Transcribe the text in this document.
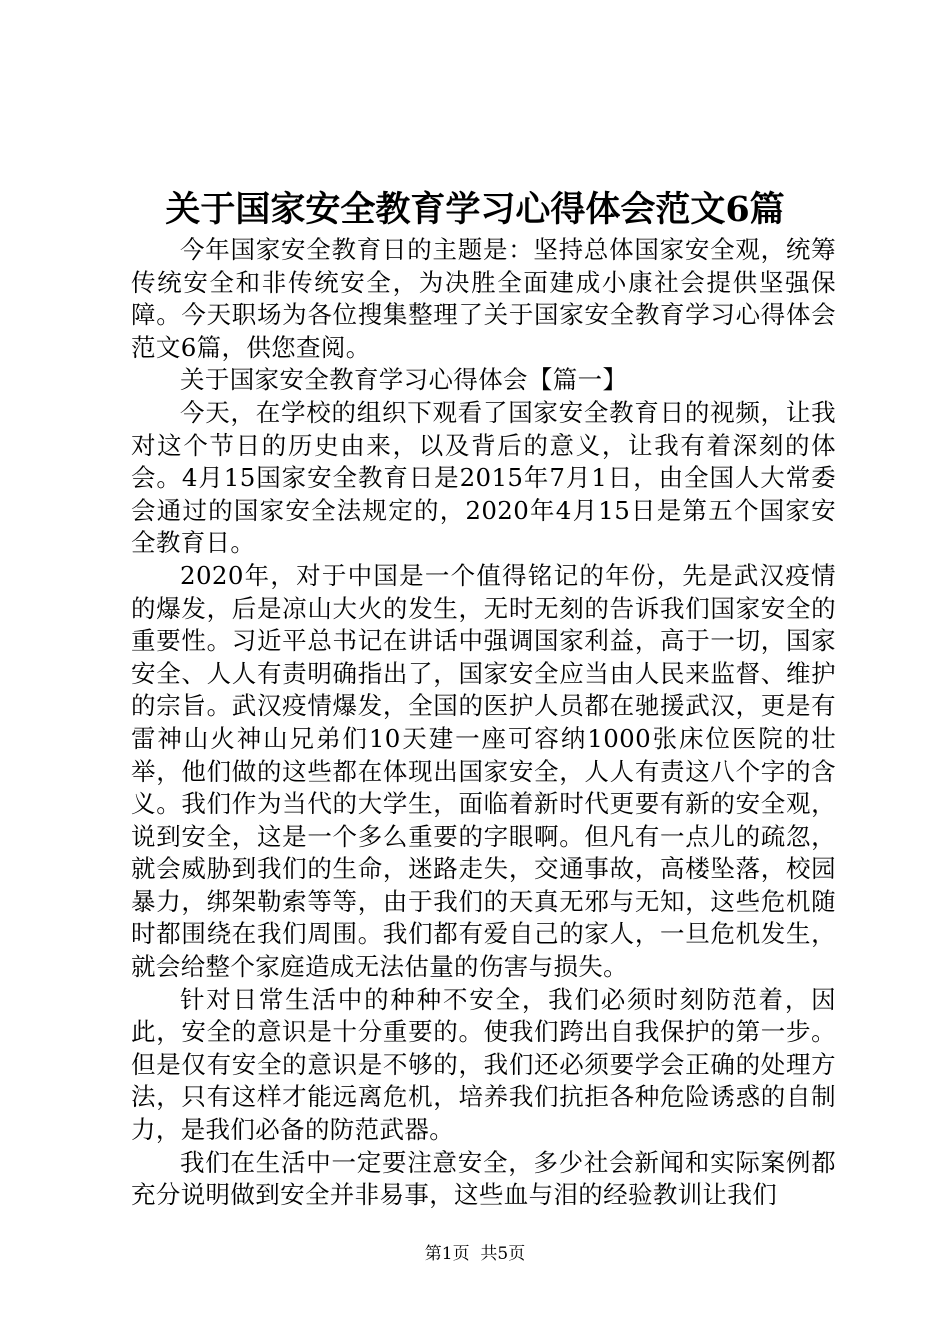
关于国家安全教育学习心得体会范文6篇

今年国家安全教育日的主题是：坚持总体国家安全观，统筹传统安全和非传统安全，为决胜全面建成小康社会提供坚强保障。今天职场为各位搜集整理了关于国家安全教育学习心得体会范文6篇，供您查阅。

关于国家安全教育学习心得体会【篇一】

今天，在学校的组织下观看了国家安全教育日的视频，让我对这个节日的历史由来，以及背后的意义，让我有着深刻的体会。4月15国家安全教育日是2015年7月1日，由全国人大常委会通过的国家安全法规定的，2020年4月15日是第五个国家安全教育日。

2020年，对于中国是一个值得铭记的年份，先是武汉疫情的爆发，后是凉山大火的发生，无时无刻的告诉我们国家安全的重要性。习近平总书记在讲话中强调国家利益，高于一切，国家安全、人人有责明确指出了，国家安全应当由人民来监督、维护的宗旨。武汉疫情爆发，全国的医护人员都在驰援武汉，更是有雷神山火神山兄弟们10天建一座可容纳1000张床位医院的壮举，他们做的这些都在体现出国家安全，人人有责这八个字的含义。我们作为当代的大学生，面临着新时代更要有新的安全观，说到安全，这是一个多么重要的字眼啊。但凡有一点儿的疏忽，就会威胁到我们的生命，迷路走失，交通事故，高楼坠落，校园暴力，绑架勒索等等，由于我们的天真无邪与无知，这些危机随时都围绕在我们周围。我们都有爱自己的家人，一旦危机发生，就会给整个家庭造成无法估量的伤害与损失。

针对日常生活中的种种不安全，我们必须时刻防范着，因此，安全的意识是十分重要的。使我们跨出自我保护的第一步。但是仅有安全的意识是不够的，我们还必须要学会正确的处理方法，只有这样才能远离危机，培养我们抗拒各种危险诱惑的自制力，是我们必备的防范武器。

我们在生活中一定要注意安全，多少社会新闻和实际案例都充分说明做到安全并非易事，这些血与泪的经验教训让我们

第1页  共5页
